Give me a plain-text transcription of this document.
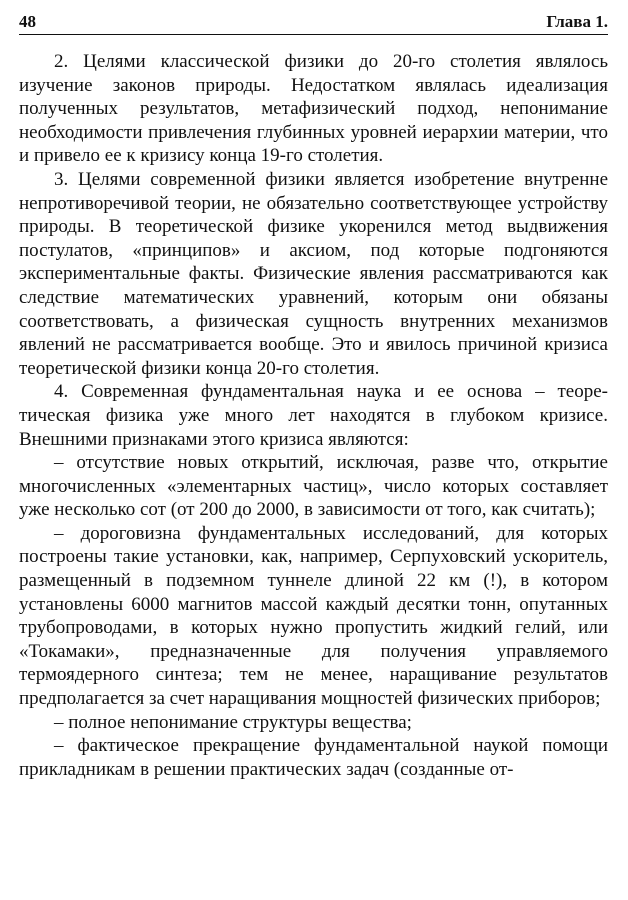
48	Глава 1.

2. Целями классической физики до 20-го столетия являлось изучение законов природы. Недостатком являлась идеализация полученных результатов, метафизический подход, непонимание необходимости привлечения глубинных уровней иерархии материи, что и привело ее к кризису конца 19-го столетия.

3. Целями современной физики является изобретение внутренне непротиворечивой теории, не обязательно соответствующее устройству природы. В теоретической физике укоренился метод выдвижения постулатов, «принципов» и аксиом, под которые подгоняются экспериментальные факты. Физические явления рассматриваются как следствие математических уравнений, которым они обязаны соответствовать, а физическая сущность внутренних механизмов явлений не рассматривается вообще. Это и явилось причиной кризиса теоретической физики конца 20-го столетия.

4. Современная фундаментальная наука и ее основа – теоретическая физика уже много лет находятся в глубоком кризисе. Внешними признаками этого кризиса являются:

– отсутствие новых открытий, исключая, разве что, открытие многочисленных «элементарных частиц», число которых составляет уже несколько сот (от 200 до 2000, в зависимости от того, как считать);

– дороговизна фундаментальных исследований, для которых построены такие установки, как, например, Серпуховский ускоритель, размещенный в подземном туннеле длиной 22 км (!), в котором установлены 6000 магнитов массой каждый десятки тонн, опутанных трубопроводами, в которых нужно пропустить жидкий гелий, или «Токамаки», предназначенные для получения управляемого термоядерного синтеза; тем не менее, наращивание результатов предполагается за счет наращивания мощностей физических приборов;

– полное непонимание структуры вещества;

– фактическое прекращение фундаментальной наукой помощи прикладникам в решении практических задач (созданные от-
